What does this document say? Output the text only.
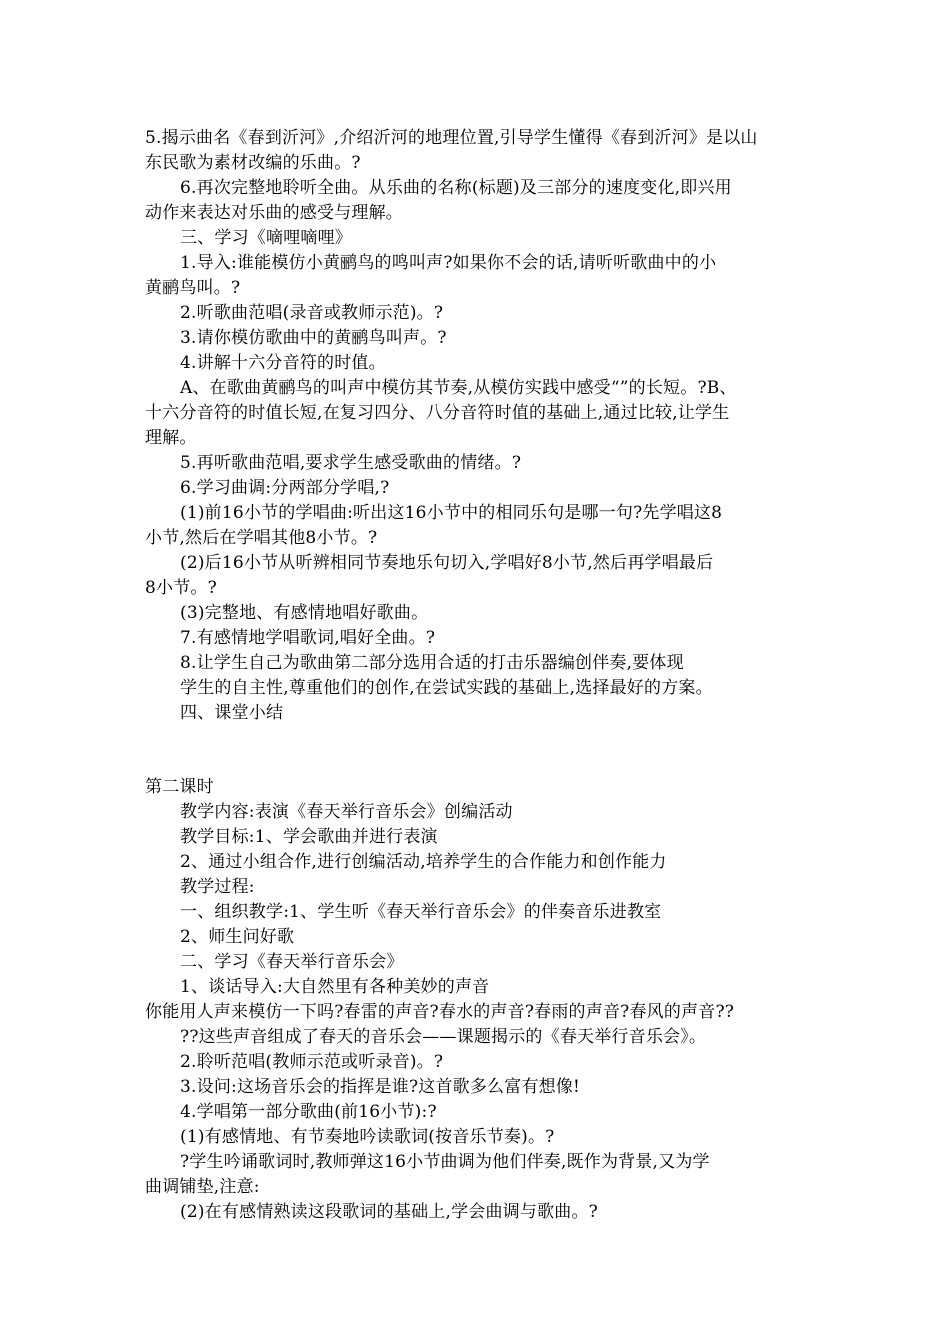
5.揭示曲名《春到沂河》,介绍沂河的地理位置,引导学生懂得《春到沂河》是以山
东民歌为素材改编的乐曲。?
6.再次完整地聆听全曲。从乐曲的名称(标题)及三部分的速度变化,即兴用
动作来表达对乐曲的感受与理解。
三、学习《嘀哩嘀哩》
1.导入:谁能模仿小黄鹂鸟的鸣叫声?如果你不会的话,请听听歌曲中的小
黄鹂鸟叫。?
2.听歌曲范唱(录音或教师示范)。?
3.请你模仿歌曲中的黄鹂鸟叫声。?
4.讲解十六分音符的时值。
A、在歌曲黄鹂鸟的叫声中模仿其节奏,从模仿实践中感受“”的长短。?B、
十六分音符的时值长短,在复习四分、八分音符时值的基础上,通过比较,让学生
理解。
5.再听歌曲范唱,要求学生感受歌曲的情绪。?
6.学习曲调:分两部分学唱,?
(1)前16小节的学唱曲:听出这16小节中的相同乐句是哪一句?先学唱这8
小节,然后在学唱其他8小节。?
(2)后16小节从听辨相同节奏地乐句切入,学唱好8小节,然后再学唱最后
8小节。?
(3)完整地、有感情地唱好歌曲。
7.有感情地学唱歌词,唱好全曲。?
8.让学生自己为歌曲第二部分选用合适的打击乐器编创伴奏,要体现
学生的自主性,尊重他们的创作,在尝试实践的基础上,选择最好的方案。
四、课堂小结
第二课时
教学内容:表演《春天举行音乐会》创编活动
教学目标:1、学会歌曲并进行表演
2、通过小组合作,进行创编活动,培养学生的合作能力和创作能力
教学过程:
一、组织教学:1、学生听《春天举行音乐会》的伴奏音乐进教室
2、师生问好歌
二、学习《春天举行音乐会》
1、谈话导入:大自然里有各种美妙的声音
你能用人声来模仿一下吗?春雷的声音?春水的声音?春雨的声音?春风的声音??
??这些声音组成了春天的音乐会——课题揭示的《春天举行音乐会》。
2.聆听范唱(教师示范或听录音)。?
3.设问:这场音乐会的指挥是谁?这首歌多么富有想像!
4.学唱第一部分歌曲(前16小节):?
(1)有感情地、有节奏地吟读歌词(按音乐节奏)。?
?学生吟诵歌词时,教师弹这16小节曲调为他们伴奏,既作为背景,又为学
曲调铺垫,注意:
(2)在有感情熟读这段歌词的基础上,学会曲调与歌曲。?
